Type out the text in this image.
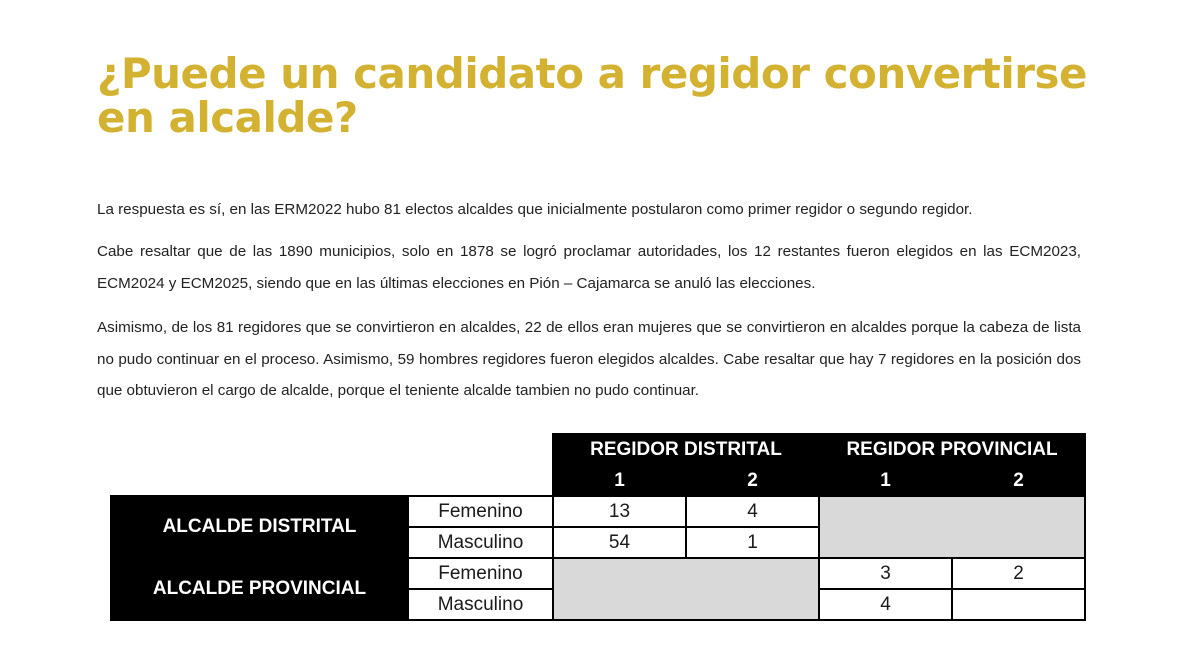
¿Puede un candidato a regidor convertirse en alcalde?

La respuesta es sí, en las ERM2022 hubo 81 electos alcaldes que inicialmente postularon como primer regidor o segundo regidor.

Cabe resaltar que de las 1890 municipios, solo en 1878 se logró proclamar autoridades, los 12 restantes fueron elegidos en las ECM2023, ECM2024 y ECM2025, siendo que en las últimas elecciones en Pión – Cajamarca se anuló las elecciones.

Asimismo, de los 81 regidores que se convirtieron en alcaldes, 22 de ellos eran mujeres que se convirtieron en alcaldes porque la cabeza de lista no pudo continuar en el proceso. Asimismo, 59 hombres regidores fueron elegidos alcaldes. Cabe resaltar que hay 7 regidores en la posición dos que obtuvieron el cargo de alcalde, porque el teniente alcalde tambien no pudo continuar.

		REGIDOR DISTRITAL		REGIDOR PROVINCIAL	
		1	2	1	2
ALCALDE DISTRITAL	Femenino	13	4		
	Masculino	54	1		
ALCALDE PROVINCIAL	Femenino			3	2
	Masculino			4	
